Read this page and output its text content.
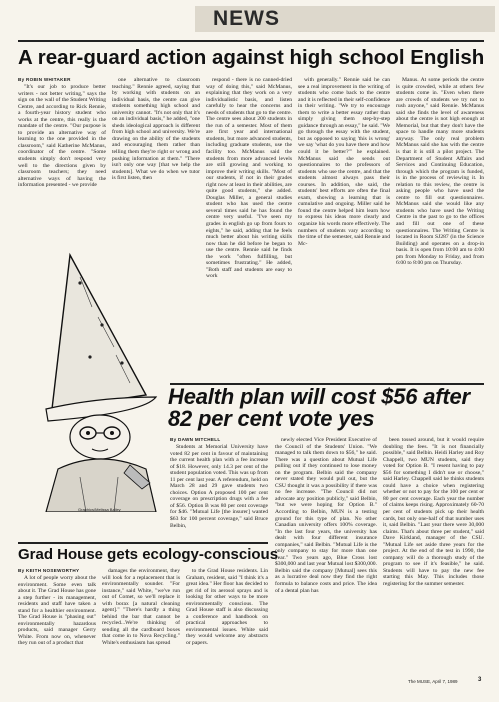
NEWS
A rear-guard action against high school English
By ROBIN WHITAKER

"It's our job to produce better writers - not better writing," says the sign on the wall of the Student Writing Centre, and according to Rick Rennie, a fourth-year history student who works at the centre, this really is the mandate of the centre. "Our purpose is to provide an alternative way of learning to the one provided in the classroom," said Katherine McManus, coordinator of the centre. "Some students simply don't respond very well to the directions given by classroom teachers; they need alternative ways of having the information presented - we provide

one alternative to classroom teaching." Rennie agreed, saying that by working with students on an individual basis, the centre can give students something high school and university cannot. "It's not only that it's on an individual basis," he added, "one sheds ideological approach is different from high school and university. We're drawing on the ability of the students and encouraging them rather than telling them they're right or wrong and pushing information at them." "There isn't only one way [that we help the students]. What we do when we tutor is first listen, then

respond - there is no canned-dried way of doing this," said McManus, explaining that they work on a very individualistic basis, and listen carefully to hear the concerns and needs of students that go to the centre. The centre sees about 200 students in the run of a semester. Most of them are first year and international students, but more advanced students, including graduate students, use the facility too. McManus said the students from more advanced levels are still growing and working to improve their writing skills. "Most of our students, if not in their grades right now at least in their abilities, are quite good students," she added. Douglas Miller, a general studies student who has used the centre several times said he has found the centre very useful. "I've seen my grades in english go up from fours to eights," he said, adding that he feels much better about his writing skills now than he did before he began to use the centre. Rennie said he finds the work "often fulfilling, but sometimes frustrating." He added, "Both staff and students are easy to work

with generally." Rennie said he can see a real improvement in the writing of students who come back to the centre and it is reflected in their self-confidence in their writing. "We try to encourage them to write a better essay rather than simply giving them step-by-step guidance through an essay," he said. "We go through the essay with the student, but as opposed to saying 'this is wrong' we say 'what do you have there and how could it be better?'" he explained. McManus said she sends out questionnaires to the professors of students who use the centre, and that the students almost always pass their courses. In addition, she said, the students' best efforts are often the final exam, showing a learning that is cumulative and ongoing. Miller said he found the centre helped him learn how to express his ideas more clearly and organize his words more effectively. The numbers of students vary according to the time of the semester, said Rennie and Mc-

Manus. At some periods the centre is quite crowded, while at others few students come in. "Even when there are crowds of students we try not to rush anyone," said Rennie. McManus said she finds the level of awareness about the centre is not high enough at Memorial, but that they don't have the space to handle many more students anyway. The only real problem McManus said she has with the centre is that it is still a pilot project. The Department of Student Affairs and Services and Continuing Education, through which the program is funded, is in the process of reviewing it. In relation to this review, the centre is asking people who have used the centre to fill out questionnaires. McManus said she would like any students who have used the Writing Centre in the past to go to the offices and fill out one of these questionnaires. The Writing Centre is located in Room SJ287 (in the Science Building) and operates on a drop-in basis. It is open from 10:00 am to 4:00 pm from Monday to Friday, and from 6:00 to 8:00 pm on Thursday.

Graphics/Melissa Bailey
Health plan will cost $56 after 82 per cent vote yes
By DAWN MITCHELL

Students at Memorial University have voted 82 per cent in favour of maintaining the current health plan with a fee increase of $18. However, only 14.3 per cent of the student population voted. This was up from 11 per cent last year. A referendum, held on March 28 and 29 gave students two choices. Option A proposed 100 per cent coverage on prescription drugs with a fee of $56. Option B was 80 per cent coverage for $46. "Mutual Life [the insurer] wanted $63 for 100 percent coverage," said Bruce Belbin,

newly elected Vice President Executive of the Council of the Students' Union. "We managed to talk them down to $56," he said. There was a question about Mutual Life pulling out if they continued to lose money on the program. Belbin said the company never stated they would pull out, but the CSU thought it was a possibility if there was no fee increase. "The Council did not advocate any position publicly," said Belbin, "but we were hoping for Option B." According to Belbin, MUN is a testing ground for this type of plan. No other Canadian university offers 100% coverage. "In the last four years, the university has dealt with four different insurance companies," said Belbin. "Mutual Life is the only company to stay for more than one year." Two years ago, Blue Cross lost $300,000 and last year Mutual lost $300,000. Belbin said the company [Mutual] sees this as a lucrative deal now they find the right formula to balance costs and price. The idea of a dental plan has

been tossed around, but it would require doubling the fees. "It is not financially possible," said Belbin. Heidi Harley and Roy Chappell, two MUN students, said they voted for Option B. "I resent having to pay $56 for something I didn't use or choose," said Harley. Chappell said he thinks students could have a choice when registering whether or not to pay for the 100 per cent or 80 per cent coverage. Each year the number of claims keeps rising. Approximately 60-70 per cent of students pick up their health cards, but only one-half of that number uses it, said Belbin. "Last year there were 30,000 claims. That's about three per student," said Dave Kirkland, manager of the CSU. "Mutual Life set aside three years for the project. At the end of the test in 1990, the company will do a thorough study of the program to see if it's feasible," he said. Students will have to pay the new fee starting this May. This includes those registering for the summer semester.

Grad House gets ecology-conscious
By KEITH NOSEWORTHY

A lot of people worry about the environment. Some even talk about it. The Grad House has gone a step further - its management, residents and staff have taken a stand for a healthier environment. The Grad House is "phasing out" environmentally hazardous products, said manager Gerry White. From now on, whenever they run out of a product that

damages the environment, they will look for a replacement that is environmentally sounder. "For instance," said White, "we've run out of Comet, so we'll replace it with borax [a natural cleaning agent]." "There's hardly a thing behind the bar that cannot be recycled...We're thinking of sending all the cardboard boxes that come in to Nova Recycling." White's enthusiasm has spread

to the Grad House residents. Lin Graham, resident, said "I think it's a great idea." Her floor has decided to get rid of its aerosol sprays and is looking for other ways to be more environmentally conscious. The Grad House staff is also discussing a conference and handbook on practical approaches to environmental issues. White said they would welcome any abstracts or papers.

The MUSE, April 7, 1989	3
